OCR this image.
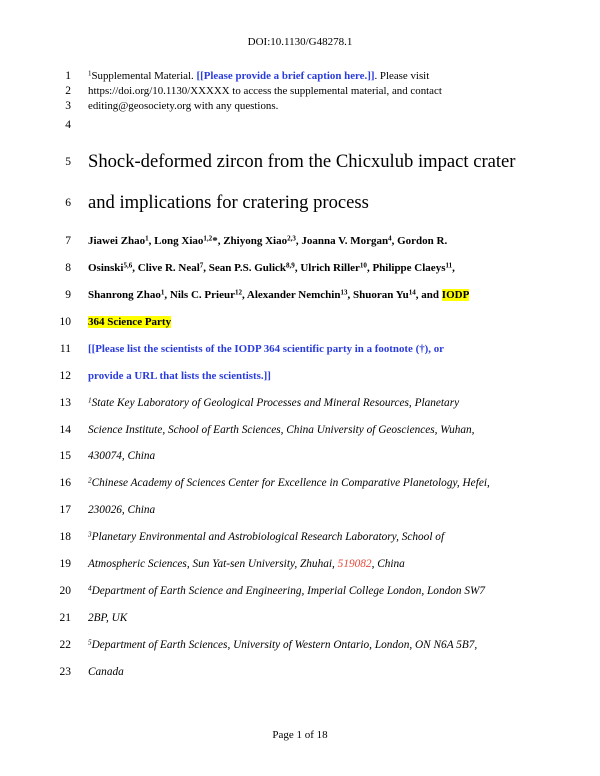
DOI:10.1130/G48278.1
1 $^1$Supplemental Material. [[Please provide a brief caption here.]]. Please visit
2 https://doi.org/10.1130/XXXXX to access the supplemental material, and contact
3 editing@geosociety.org with any questions.
4
5 Shock-deformed zircon from the Chicxulub impact crater
6 and implications for cratering process
7 Jiawei Zhao$^1$, Long Xiao$^{1,2}$*, Zhiyong Xiao$^{2,3}$, Joanna V. Morgan$^4$, Gordon R.
8 Osinski$^{5,6}$, Clive R. Neal$^7$, Sean P.S. Gulick$^{8,9}$, Ulrich Riller$^{10}$, Philippe Claeys$^{11}$,
9 Shanrong Zhao$^1$, Nils C. Prieur$^{12}$, Alexander Nemchin$^{13}$, Shuoran Yu$^{14}$, and IODP
10 364 Science Party
11 [[Please list the scientists of the IODP 364 scientific party in a footnote (†), or
12 provide a URL that lists the scientists.]]
13 $^1$State Key Laboratory of Geological Processes and Mineral Resources, Planetary
14 Science Institute, School of Earth Sciences, China University of Geosciences, Wuhan,
15 430074, China
16 $^2$Chinese Academy of Sciences Center for Excellence in Comparative Planetology, Hefei,
17 230026, China
18 $^3$Planetary Environmental and Astrobiological Research Laboratory, School of
19 Atmospheric Sciences, Sun Yat-sen University, Zhuhai, 519082, China
20 $^4$Department of Earth Science and Engineering, Imperial College London, London SW7
21 2BP, UK
22 $^5$Department of Earth Sciences, University of Western Ontario, London, ON N6A 5B7,
23 Canada
Page 1 of 18
